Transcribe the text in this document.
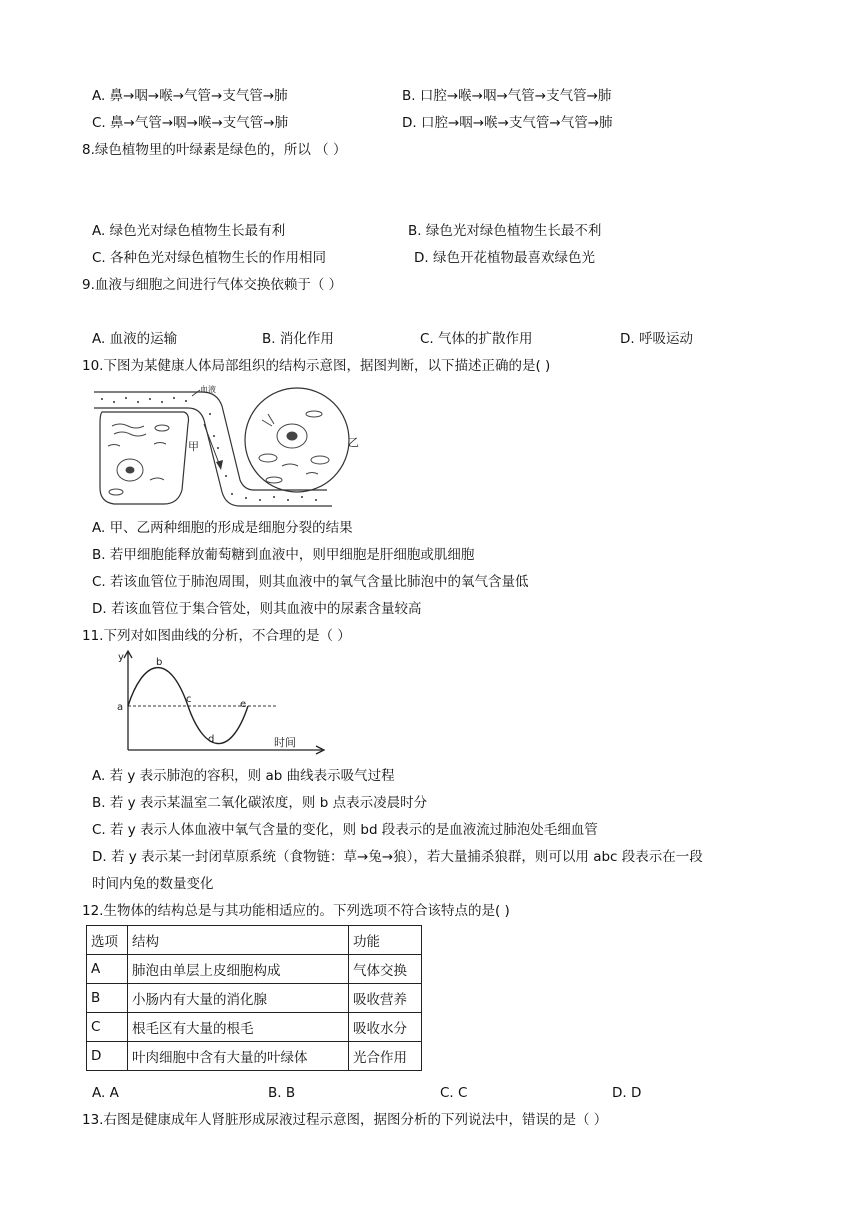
A. 鼻→咽→喉→气管→支气管→肺	B. 口腔→喉→咽→气管→支气管→肺
C. 鼻→气管→咽→喉→支气管→肺	D. 口腔→咽→喉→支气管→气管→肺
8.绿色植物里的叶绿素是绿色的，所以 （ ）
A. 绿色光对绿色植物生长最有利	B. 绿色光对绿色植物生长最不利
C. 各种色光对绿色植物生长的作用相同	D. 绿色开花植物最喜欢绿色光
9.血液与细胞之间进行气体交换依赖于（ ）
A. 血液的运输	B. 消化作用	C. 气体的扩散作用	D. 呼吸运动
10.下图为某健康人体局部组织的结构示意图，据图判断，以下描述正确的是( )
血液
甲	乙
A. 甲、乙两种细胞的形成是细胞分裂的结果
B. 若甲细胞能释放葡萄糖到血液中，则甲细胞是肝细胞或肌细胞
C. 若该血管位于肺泡周围，则其血液中的氧气含量比肺泡中的氧气含量低
D. 若该血管位于集合管处，则其血液中的尿素含量较高
11.下列对如图曲线的分析，不合理的是（ ）
y
a
b
c
d
e
时间
A. 若 y 表示肺泡的容积，则 ab 曲线表示吸气过程
B. 若 y 表示某温室二氧化碳浓度，则 b 点表示凌晨时分
C. 若 y 表示人体血液中氧气含量的变化，则 bd 段表示的是血液流过肺泡处毛细血管
D. 若 y 表示某一封闭草原系统（食物链：草→兔→狼），若大量捕杀狼群，则可以用 abc 段表示在一段
时间内兔的数量变化
12.生物体的结构总是与其功能相适应的。下列选项不符合该特点的是( )
选项	结构	功能
A	肺泡由单层上皮细胞构成	气体交换
B	小肠内有大量的消化腺	吸收营养
C	根毛区有大量的根毛	吸收水分
D	叶肉细胞中含有大量的叶绿体	光合作用
A. A	B. B	C. C	D. D
13.右图是健康成年人肾脏形成尿液过程示意图，据图分析的下列说法中，错误的是（ ）
